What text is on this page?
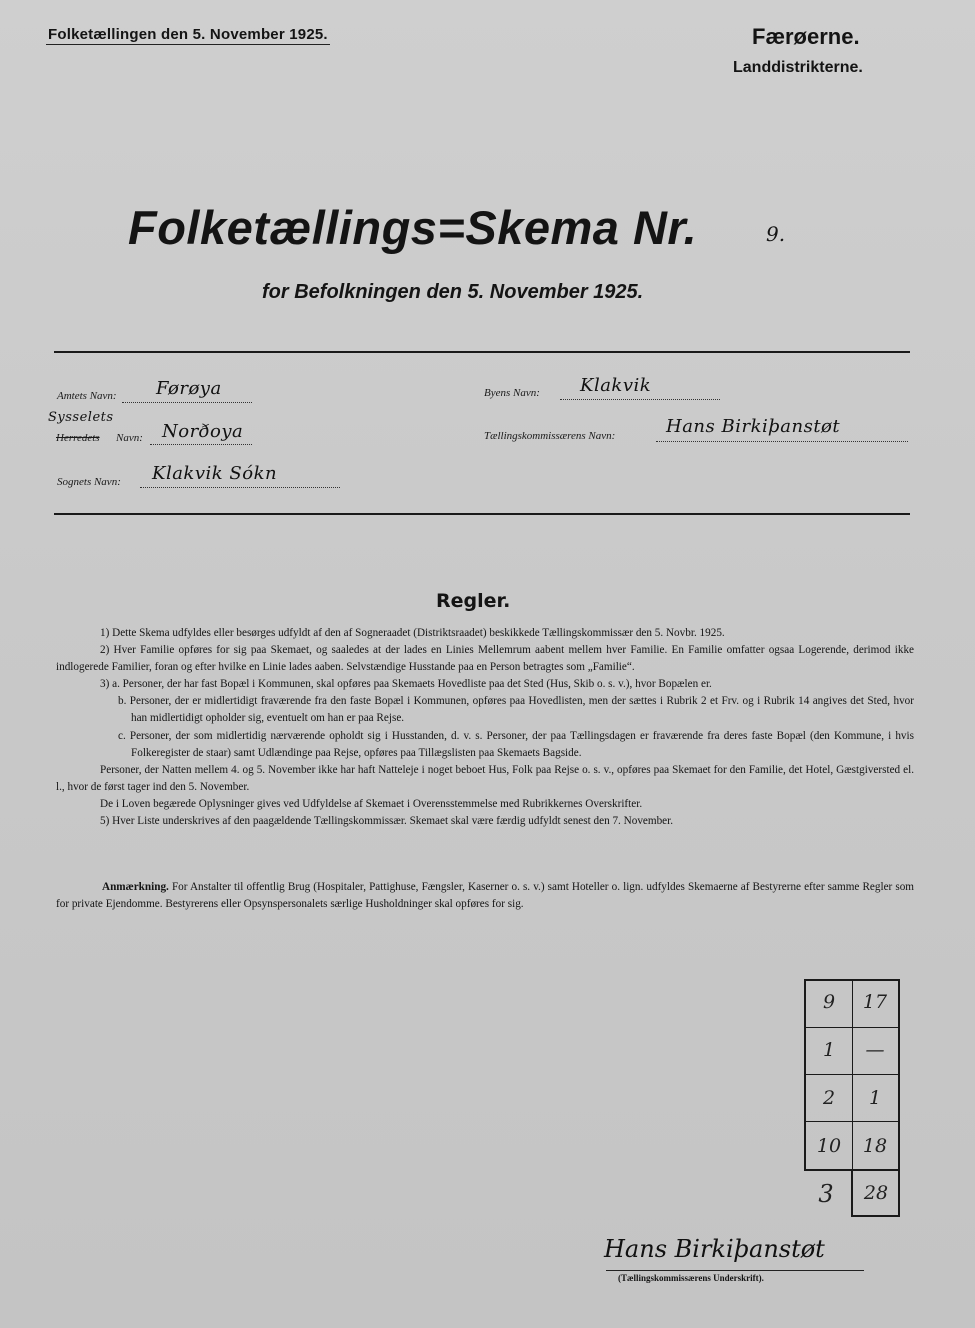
Folketællingen den 5. November 1925.	Færøerne.
Landdistrikterne.
Folketællings=Skema Nr.	9.
for Befolkningen den 5. November 1925.
Amtets Navn: Førøya
Sysselets
Herredets Navn: Norðoya
Sognets Navn: Klakvik Sókn
Byens Navn: Klakvik
Tællingskommissærens Navn:	Hans Birkiþanstøt
Regler.

1) Dette Skema udfyldes eller besørges udfyldt af den af Sogneraadet (Distriktsraadet) beskikkede Tællingskommissær den 5. Novbr. 1925.

2) Hver Familie opføres for sig paa Skemaet, og saaledes at der lades en Linies Mellemrum aabent mellem hver Familie. En Familie omfatter ogsaa Logerende, derimod ikke indlogerede Familier, foran og efter hvilke en Linie lades aaben. Selvstændige Husstande paa en Person betragtes som „Familie“.

3) a. Personer, der har fast Bopæl i Kommunen, skal opføres paa Skemaets Hovedliste paa det Sted (Hus, Skib o. s. v.), hvor Bopælen er.

b. Personer, der er midlertidigt fraværende fra den faste Bopæl i Kommunen, opføres paa Hovedlisten, men der sættes i Rubrik 2 et Frv. og i Rubrik 14 angives det Sted, hvor han midlertidigt opholder sig, eventuelt om han er paa Rejse.

c. Personer, der som midlertidig nærværende opholdt sig i Husstanden, d. v. s. Personer, der paa Tællingsdagen er fraværende fra deres faste Bopæl (den Kommune, i hvis Folkeregister de staar) samt Udlændinge paa Rejse, opføres paa Tillægslisten paa Skemaets Bagside.

Personer, der Natten mellem 4. og 5. November ikke har haft Natteleje i noget beboet Hus, Folk paa Rejse o. s. v., opføres paa Skemaet for den Familie, det Hotel, Gæstgiversted el. l., hvor de først tager ind den 5. November.

De i Loven begærede Oplysninger gives ved Udfyldelse af Skemaet i Overensstemmelse med Rubrikkernes Overskrifter.

5) Hver Liste underskrives af den paagældende Tællingskommissær. Skemaet skal være færdig udfyldt senest den 7. November.

Anmærkning. For Anstalter til offentlig Brug (Hospitaler, Pattighuse, Fængsler, Kaserner o. s. v.) samt Hoteller o. lign. udfyldes Skemaerne af Bestyrerne efter samme Regler som for private Ejendomme. Bestyrerens eller Opsynspersonalets særlige Husholdninger skal opføres for sig.

9	17
1	—
2	1
10	18
3	28
Hans Birkiþanstøt
(Tællingskommissærens Underskrift).
